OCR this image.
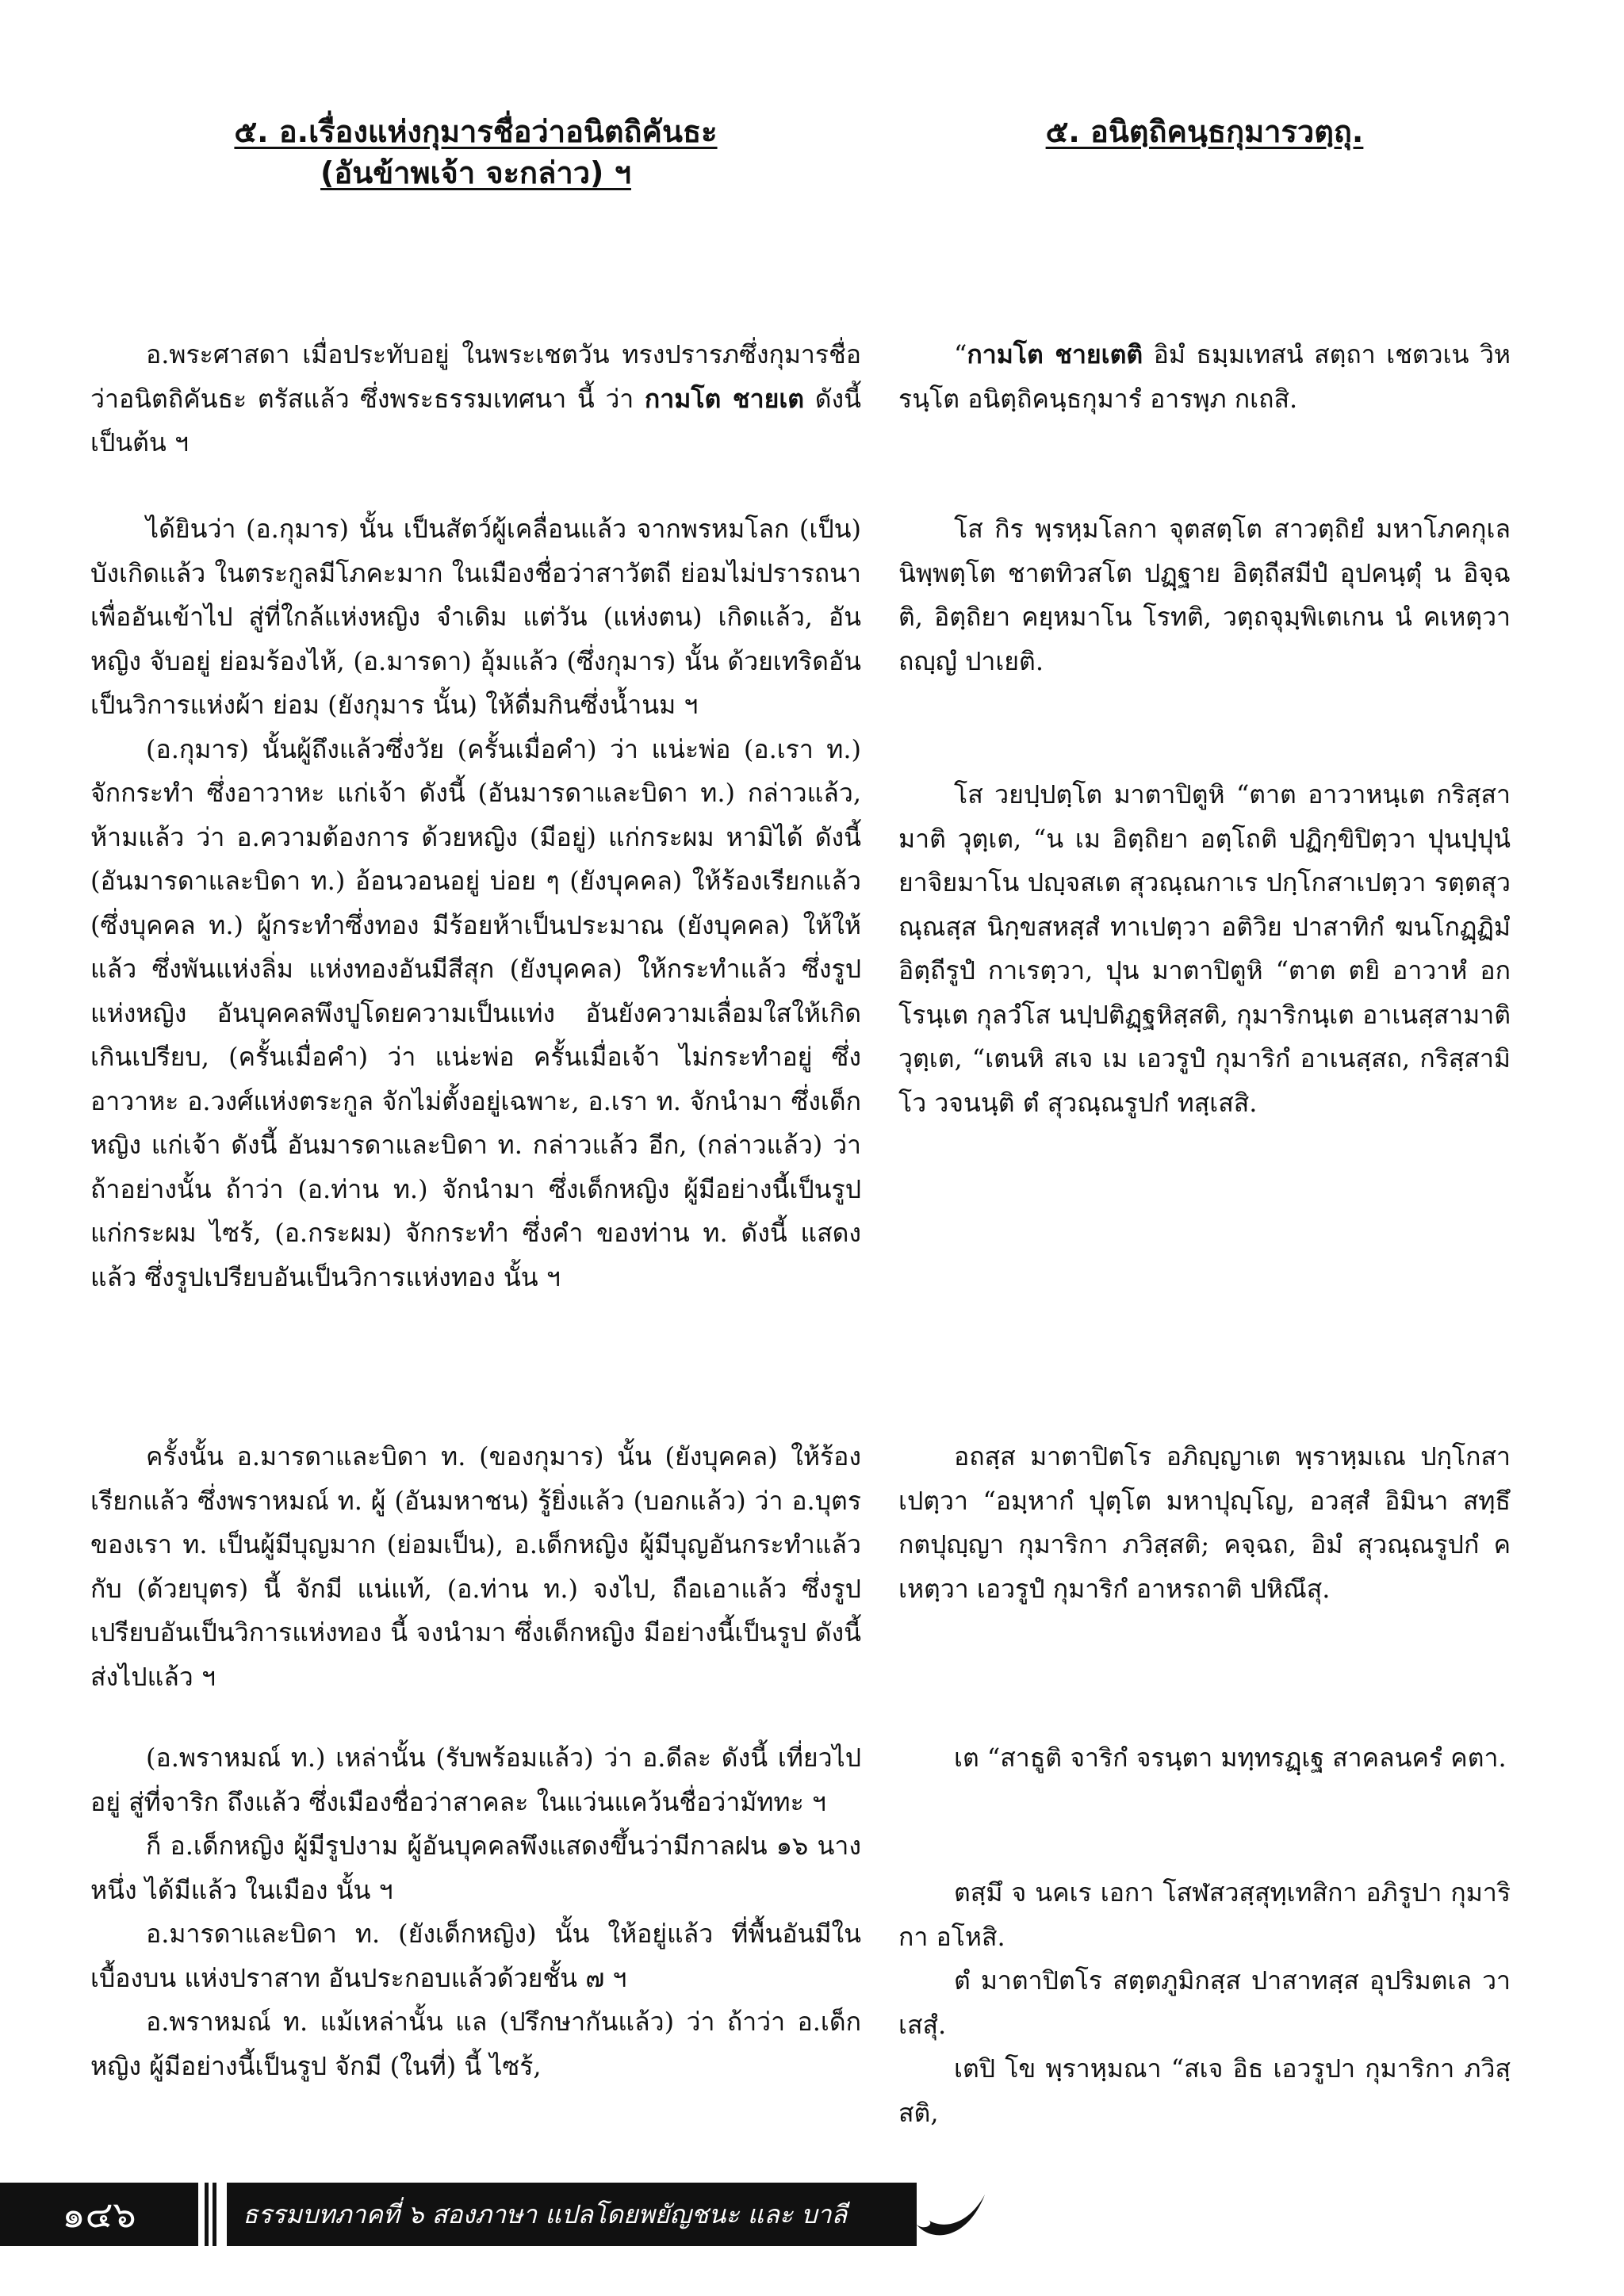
๕. อ.เรื่องแห่งกุมารชื่อว่าอนิตถิคันธะ
(อันข้าพเจ้า จะกล่าว) ฯ
๕. อนิตฺถิคนฺธกุมารวตฺถุ.

อ.พระศาสดา เมื่อประทับอยู่ ในพระเชตวัน ทรงปรารภซึ่งกุมารชื่อว่าอนิตถิคันธะ ตรัสแล้ว ซึ่งพระธรรมเทศนา นี้ ว่า กามโต ชายเต ดังนี้เป็นต้น ฯ

ได้ยินว่า (อ.กุมาร) นั้น เป็นสัตว์ผู้เคลื่อนแล้ว จากพรหมโลก (เป็น) บังเกิดแล้ว ในตระกูลมีโภคะมาก ในเมืองชื่อว่าสาวัตถี ย่อมไม่ปรารถนา เพื่ออันเข้าไป สู่ที่ใกล้แห่งหญิง จำเดิม แต่วัน (แห่งตน) เกิดแล้ว, อันหญิง จับอยู่ ย่อมร้องไห้, (อ.มารดา) อุ้มแล้ว (ซึ่งกุมาร) นั้น ด้วยเทริดอันเป็นวิการแห่งผ้า ย่อม (ยังกุมาร นั้น) ให้ดื่มกินซึ่งน้ำนม ฯ

(อ.กุมาร) นั้นผู้ถึงแล้วซึ่งวัย (ครั้นเมื่อคำ) ว่า แน่ะพ่อ (อ.เรา ท.) จักกระทำ ซึ่งอาวาหะ แก่เจ้า ดังนี้ (อันมารดาและบิดา ท.) กล่าวแล้ว, ห้ามแล้ว ว่า อ.ความต้องการ ด้วยหญิง (มีอยู่) แก่กระผม หามิได้ ดังนี้ (อันมารดาและบิดา ท.) อ้อนวอนอยู่ บ่อย ๆ (ยังบุคคล) ให้ร้องเรียกแล้ว (ซึ่งบุคคล ท.) ผู้กระทำซึ่งทอง มีร้อยห้าเป็นประมาณ (ยังบุคคล) ให้ให้แล้ว ซึ่งพันแห่งลิ่ม แห่งทองอันมีสีสุก (ยังบุคคล) ให้กระทำแล้ว ซึ่งรูปแห่งหญิง อันบุคคลพึงปูโดยความเป็นแท่ง อันยังความเลื่อมใสให้เกิด เกินเปรียบ, (ครั้นเมื่อคำ) ว่า แน่ะพ่อ ครั้นเมื่อเจ้า ไม่กระทำอยู่ ซึ่งอาวาหะ อ.วงศ์แห่งตระกูล จักไม่ตั้งอยู่เฉพาะ, อ.เรา ท. จักนำมา ซึ่งเด็กหญิง แก่เจ้า ดังนี้ อันมารดาและบิดา ท. กล่าวแล้ว อีก, (กล่าวแล้ว) ว่า ถ้าอย่างนั้น ถ้าว่า (อ.ท่าน ท.) จักนำมา ซึ่งเด็กหญิง ผู้มีอย่างนี้เป็นรูป แก่กระผม ไซร้, (อ.กระผม) จักกระทำ ซึ่งคำ ของท่าน ท. ดังนี้ แสดงแล้ว ซึ่งรูปเปรียบอันเป็นวิการแห่งทอง นั้น ฯ

ครั้งนั้น อ.มารดาและบิดา ท. (ของกุมาร) นั้น (ยังบุคคล) ให้ร้องเรียกแล้ว ซึ่งพราหมณ์ ท. ผู้ (อันมหาชน) รู้ยิ่งแล้ว (บอกแล้ว) ว่า อ.บุตร ของเรา ท. เป็นผู้มีบุญมาก (ย่อมเป็น), อ.เด็กหญิง ผู้มีบุญอันกระทำแล้ว กับ (ด้วยบุตร) นี้ จักมี แน่แท้, (อ.ท่าน ท.) จงไป, ถือเอาแล้ว ซึ่งรูปเปรียบอันเป็นวิการแห่งทอง นี้ จงนำมา ซึ่งเด็กหญิง มีอย่างนี้เป็นรูป ดังนี้ ส่งไปแล้ว ฯ

(อ.พราหมณ์ ท.) เหล่านั้น (รับพร้อมแล้ว) ว่า อ.ดีละ ดังนี้ เที่ยวไปอยู่ สู่ที่จาริก ถึงแล้ว ซึ่งเมืองชื่อว่าสาคละ ในแว่นแคว้นชื่อว่ามัททะ ฯ

ก็ อ.เด็กหญิง ผู้มีรูปงาม ผู้อันบุคคลพึงแสดงขึ้นว่ามีกาลฝน ๑๖ นางหนึ่ง ได้มีแล้ว ในเมือง นั้น ฯ

อ.มารดาและบิดา ท. (ยังเด็กหญิง) นั้น ให้อยู่แล้ว ที่พื้นอันมีในเบื้องบน แห่งปราสาท อันประกอบแล้วด้วยชั้น ๗ ฯ

อ.พราหมณ์ ท. แม้เหล่านั้น แล (ปรึกษากันแล้ว) ว่า ถ้าว่า อ.เด็กหญิง ผู้มีอย่างนี้เป็นรูป จักมี (ในที่) นี้ ไซร้,

“กามโต ชายเตติ อิมํ ธมฺมเทสนํ สตฺถา เชตวเน วิหรนฺโต อนิตฺถิคนฺธกุมารํ อารพฺภ กเถสิ.

โส กิร พฺรหฺมโลกา จุตสตฺโต สาวตฺถิยํ มหาโภคกุเล นิพฺพตฺโต ชาตทิวสโต ปฏฺฐาย อิตฺถีสมีปํ อุปคนฺตุํ น อิจฺฉติ, อิตฺถิยา คยฺหมาโน โรทติ, วตฺถจุมฺพิเตเกน นํ คเหตฺวา ถญฺญํ ปาเยติ.

โส วยปฺปตฺโต มาตาปิตูหิ “ตาต อาวาหนฺเต กริสฺสามาติ วุตฺเต, “น เม อิตฺถิยา อตฺโถติ ปฏิกฺขิปิตฺวา ปุนปฺปุนํ ยาจิยมาโน ปญฺจสเต สุวณฺณกาเร ปกฺโกสาเปตฺวา รตฺตสุวณฺณสฺส นิกฺขสหสฺสํ ทาเปตฺวา อติวิย ปาสาทิกํ ฆนโกฏฺฏิมํ อิตฺถีรูปํ กาเรตฺวา, ปุน มาตาปิตูหิ “ตาต ตยิ อาวาหํ อกโรนฺเต กุลวํโส นปฺปติฏฺฐหิสฺสติ, กุมาริกนฺเต อาเนสฺสามาติ วุตฺเต, “เตนหิ สเจ เม เอวรูปํ กุมาริกํ อาเนสฺสถ, กริสฺสามิ โว วจนนฺติ ตํ สุวณฺณรูปกํ ทสฺเสสิ.

อถสฺส มาตาปิตโร อภิญฺญาเต พฺราหฺมเณ ปกฺโกสาเปตฺวา “อมฺหากํ ปุตฺโต มหาปุญฺโญ, อวสฺสํ อิมินา สทฺธึ กตปุญฺญา กุมาริกา ภวิสฺสติ; คจฺฉถ, อิมํ สุวณฺณรูปกํ คเหตฺวา เอวรูปํ กุมาริกํ อาหรถาติ ปหิณึสุ.

เต “สาธูติ จาริกํ จรนฺตา มทฺทรฏฺเฐ สาคลนครํ คตา.

ตสฺมึ จ นคเร เอกา โสฬสวสฺสุทฺเทสิกา อภิรูปา กุมาริกา อโหสิ.

ตํ มาตาปิตโร สตฺตภูมิกสฺส ปาสาทสฺส อุปริมตเล วาเสสุํ.

เตปิ โข พฺราหฺมณา “สเจ อิธ เอวรูปา กุมาริกา ภวิสฺสติ,

๑๔๖	ธรรมบทภาคที่ ๖ สองภาษา แปลโดยพยัญชนะ และ บาลี
